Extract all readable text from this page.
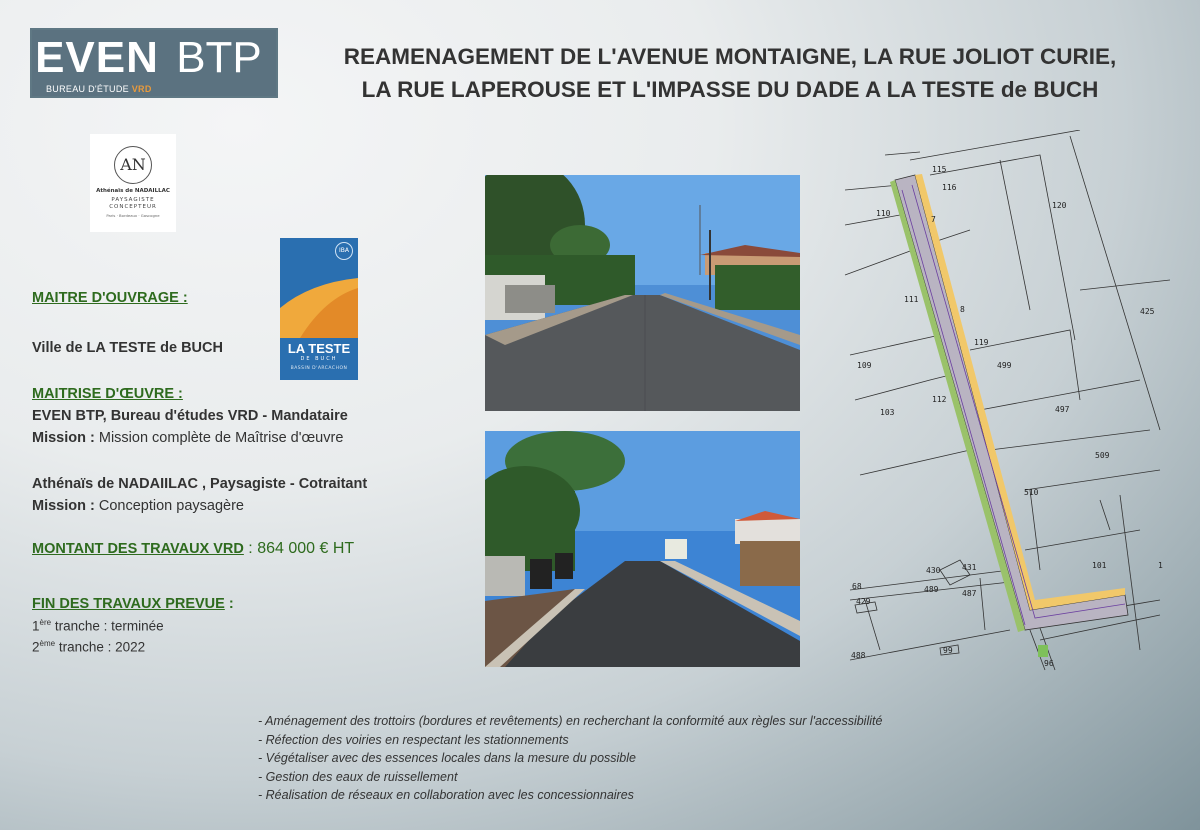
EVEN BTP
BUREAU D'ÉTUDE VRD
REAMENAGEMENT DE L'AVENUE MONTAIGNE, LA RUE JOLIOT CURIE,
LA RUE LAPEROUSE ET L'IMPASSE DU DADE A LA TESTE de BUCH
AN
Athénaïs de NADAILLAC
PAYSAGISTE
CONCEPTEUR
Paris · Bordeaux · Gascogne
IBA
LA TESTE
DE BUCH
BASSIN D'ARCACHON
MAITRE D'OUVRAGE :
Ville de LA TESTE de BUCH
MAITRISE D'ŒUVRE :
EVEN BTP, Bureau d'études VRD - Mandataire
Mission : Mission complète de Maîtrise d'œuvre
Athénaïs de NADAIILAC , Paysagiste - Cotraitant
Mission : Conception paysagère
MONTANT DES TRAVAUX VRD : 864 000 € HT
FIN DES TRAVAUX PREVUE :
1ère tranche : terminée
2ème tranche : 2022
115
116
110
120
7
111
8	425
119
499
109
112
103	497
509
510
101
430	431
68	489	487
429
488
99
96
1
- Aménagement des trottoirs (bordures et revêtements) en recherchant la conformité aux règles sur l'accessibilité
- Réfection des voiries en respectant les stationnements
- Végétaliser avec des essences locales dans la mesure du possible
- Gestion des eaux de ruissellement
- Réalisation de réseaux en collaboration avec les concessionnaires
